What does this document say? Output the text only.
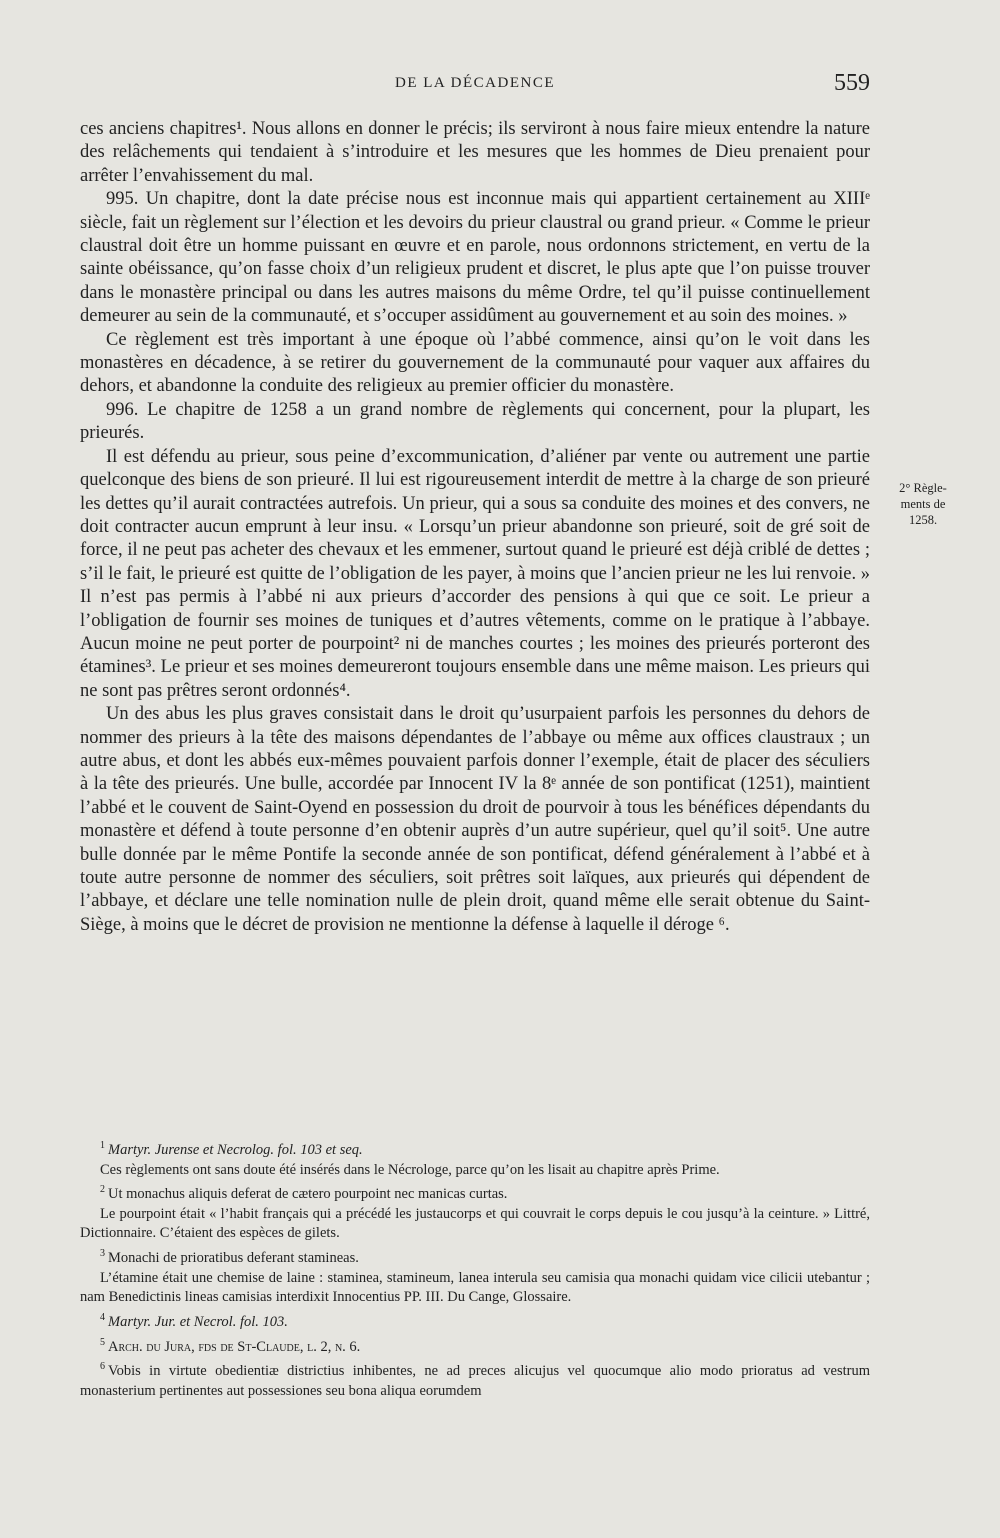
DE LA DÉCADENCE	559

ces anciens chapitres¹. Nous allons en donner le précis; ils serviront à nous faire mieux entendre la nature des relâchements qui tendaient à s’introduire et les mesures que les hommes de Dieu prenaient pour arrêter l’envahissement du mal.

995. Un chapitre, dont la date précise nous est inconnue mais qui appartient certainement au XIIIᵉ siècle, fait un règlement sur l’élection et les devoirs du prieur claustral ou grand prieur. « Comme le prieur claustral doit être un homme puissant en œuvre et en parole, nous ordonnons strictement, en vertu de la sainte obéissance, qu’on fasse choix d’un religieux prudent et discret, le plus apte que l’on puisse trouver dans le monastère principal ou dans les autres maisons du même Ordre, tel qu’il puisse continuellement demeurer au sein de la communauté, et s’occuper assidûment au gouvernement et au soin des moines. »

Ce règlement est très important à une époque où l’abbé commence, ainsi qu’on le voit dans les monastères en décadence, à se retirer du gouvernement de la communauté pour vaquer aux affaires du dehors, et abandonne la conduite des religieux au premier officier du monastère.

996. Le chapitre de 1258 a un grand nombre de règlements qui concernent, pour la plupart, les prieurés.

Il est défendu au prieur, sous peine d’excommunication, d’aliéner par vente ou autrement une partie quelconque des biens de son prieuré. Il lui est rigoureusement interdit de mettre à la charge de son prieuré les dettes qu’il aurait contractées autrefois. Un prieur, qui a sous sa conduite des moines et des convers, ne doit contracter aucun emprunt à leur insu. « Lorsqu’un prieur abandonne son prieuré, soit de gré soit de force, il ne peut pas acheter des chevaux et les emmener, surtout quand le prieuré est déjà criblé de dettes ; s’il le fait, le prieuré est quitte de l’obligation de les payer, à moins que l’ancien prieur ne les lui renvoie. » Il n’est pas permis à l’abbé ni aux prieurs d’accorder des pensions à qui que ce soit. Le prieur a l’obligation de fournir ses moines de tuniques et d’autres vêtements, comme on le pratique à l’abbaye. Aucun moine ne peut porter de pourpoint² ni de manches courtes ; les moines des prieurés porteront des étamines³. Le prieur et ses moines demeureront toujours ensemble dans une même maison. Les prieurs qui ne sont pas prêtres seront ordonnés⁴.

Un des abus les plus graves consistait dans le droit qu’usurpaient parfois les personnes du dehors de nommer des prieurs à la tête des maisons dépendantes de l’abbaye ou même aux offices claustraux ; un autre abus, et dont les abbés eux-mêmes pouvaient parfois donner l’exemple, était de placer des séculiers à la tête des prieurés. Une bulle, accordée par Innocent IV la 8ᵉ année de son pontificat (1251), maintient l’abbé et le couvent de Saint-Oyend en possession du droit de pourvoir à tous les bénéfices dépendants du monastère et défend à toute personne d’en obtenir auprès d’un autre supérieur, quel qu’il soit⁵. Une autre bulle donnée par le même Pontife la seconde année de son pontificat, défend généralement à l’abbé et à toute autre personne de nommer des séculiers, soit prêtres soit laïques, aux prieurés qui dépendent de l’abbaye, et déclare une telle nomination nulle de plein droit, quand même elle serait obtenue du Saint-Siège, à moins que le décret de provision ne mentionne la défense à laquelle il déroge ⁶.

2° Règle-
ments de
1258.

$^1$ Martyr. Jurense et Necrolog. fol. 103 et seq.

Ces règlements ont sans doute été insérés dans le Nécrologe, parce qu’on les lisait au chapitre après Prime.

$^2$ Ut monachus aliquis deferat de cætero pourpoint nec manicas curtas.

Le pourpoint était « l’habit français qui a précédé les justaucorps et qui couvrait le corps depuis le cou jusqu’à la ceinture. » Littré, Dictionnaire. C’étaient des espèces de gilets.

$^3$ Monachi de prioratibus deferant stamineas.

L’étamine était une chemise de laine : staminea, stamineum, lanea interula seu camisia qua monachi quidam vice cilicii utebantur ; nam Benedictinis lineas camisias interdixit Innocentius PP. III. Du Cange, Glossaire.

$^4$ Martyr. Jur. et Necrol. fol. 103.

$^5$ Arch. du Jura, fds de St-Claude, l. 2, n. 6.

$^6$ Vobis in virtute obedientiæ districtius inhibentes, ne ad preces alicujus vel quocumque alio modo prioratus ad vestrum monasterium pertinentes aut possessiones seu bona aliqua eorumdem
